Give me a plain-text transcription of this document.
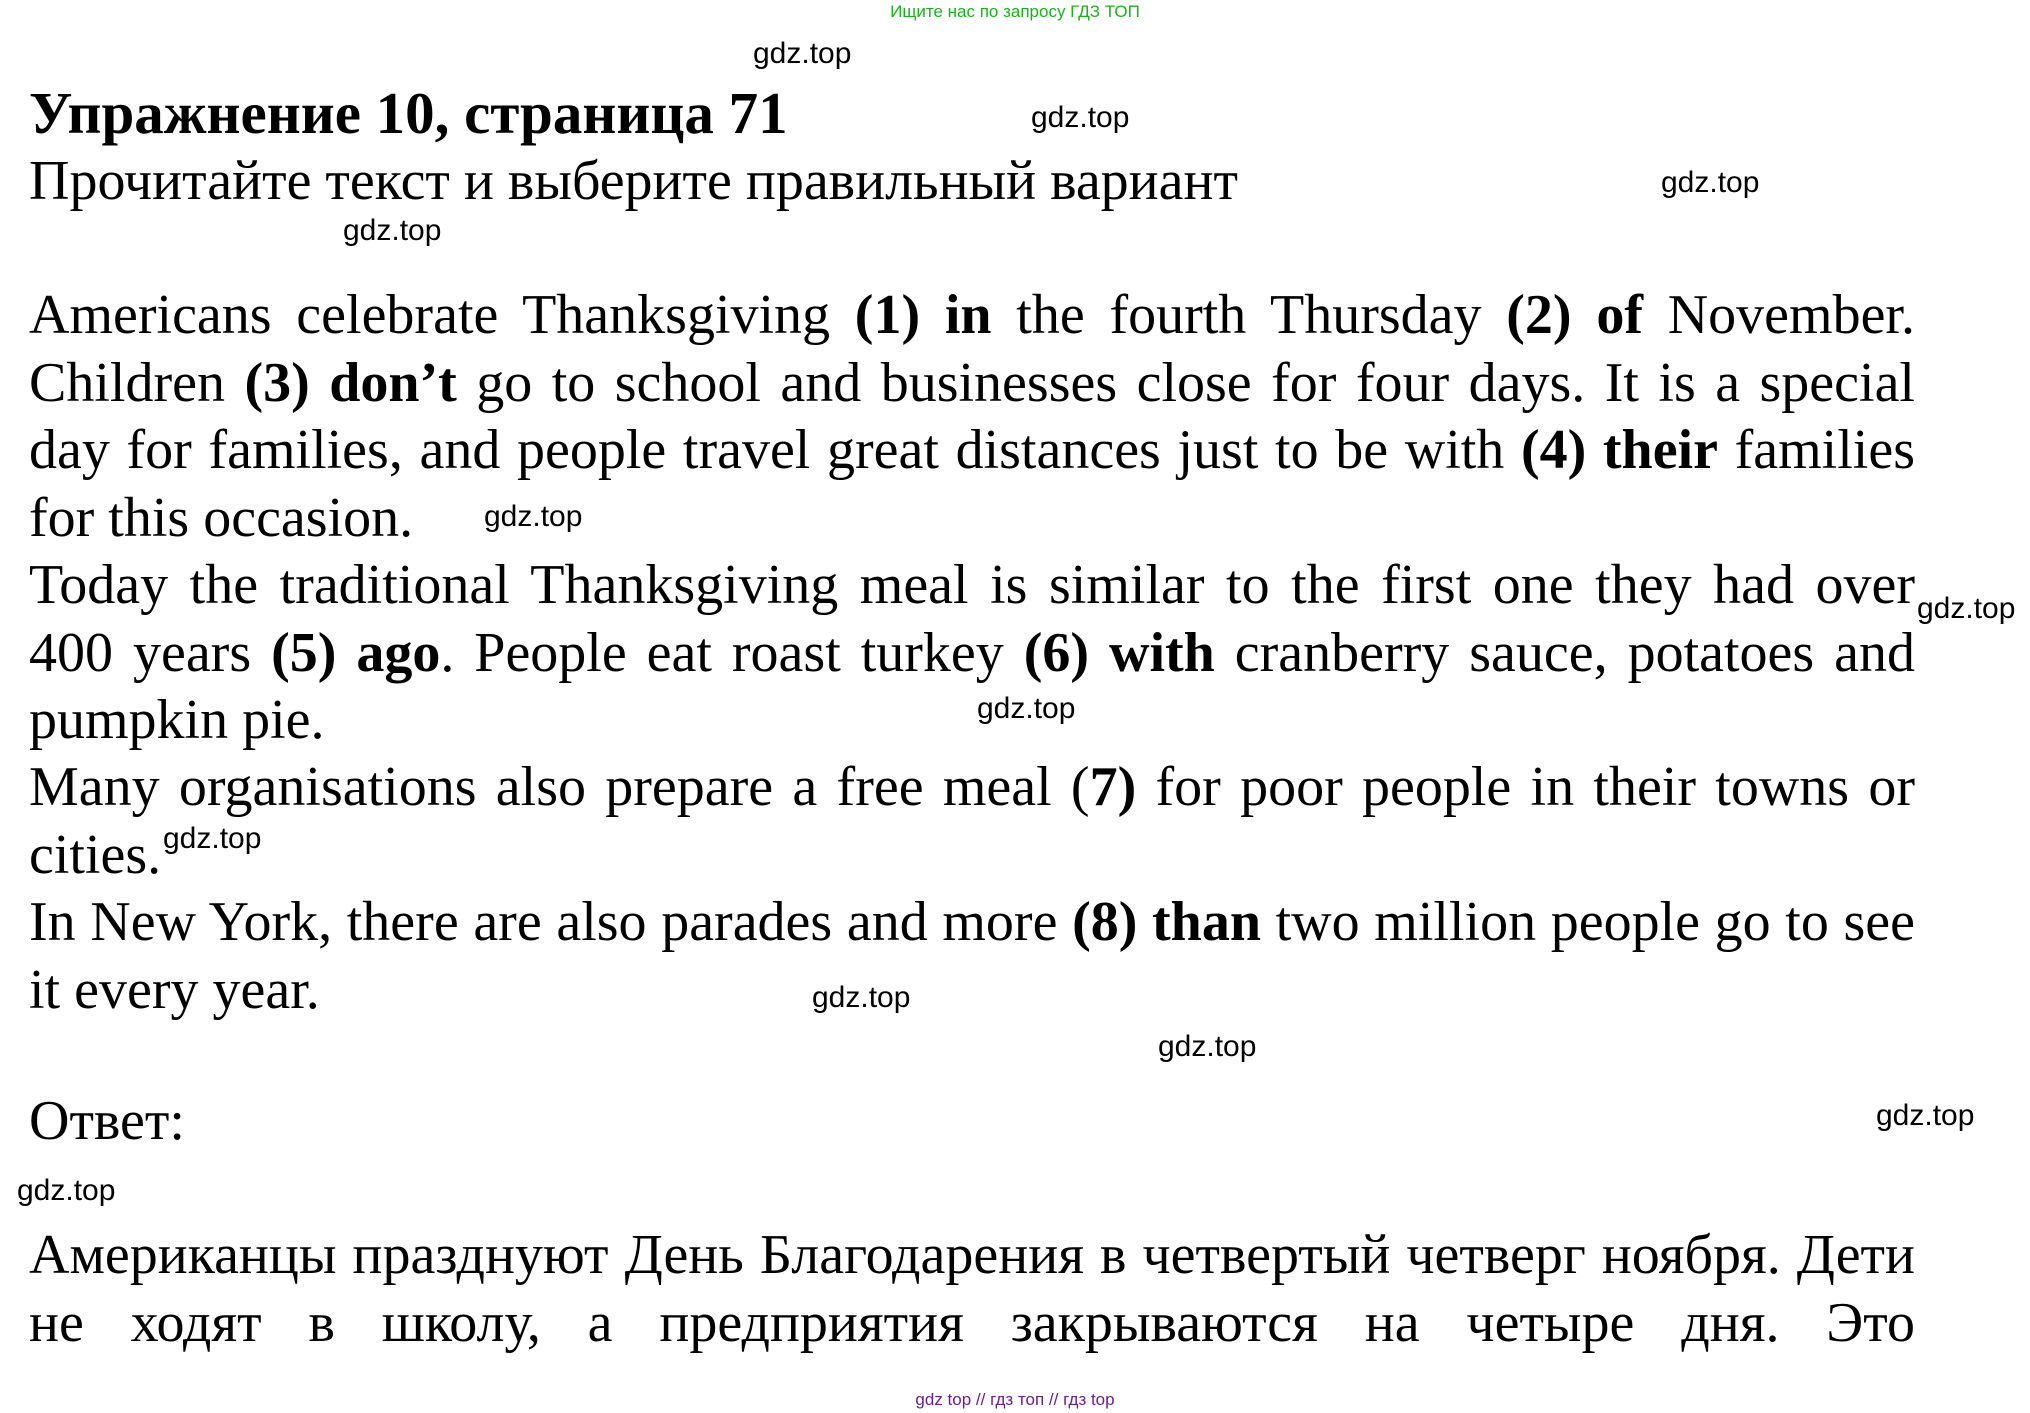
Ищите нас по запросу ГДЗ ТОП
Упражнение 10, страница 71

Прочитайте текст и выберите правильный вариант

Americans celebrate Thanksgiving (1) in the fourth Thursday (2) of November. Children (3) don’t go to school and businesses close for four days. It is a special day for families, and people travel great distances just to be with (4) their families for this occasion.

Today the traditional Thanksgiving meal is similar to the first one they had over 400 years (5) ago. People eat roast turkey (6) with cranberry sauce, potatoes and pumpkin pie.

Many organisations also prepare a free meal (7) for poor people in their towns or cities.

In New York, there are also parades and more (8) than two million people go to see it every year.

Ответ:

Американцы празднуют День Благодарения в четвертый четверг ноября. Дети не ходят в школу, а предприятия закрываются на четыре дня. Это

gdz.top
gdz.top
gdz.top
gdz.top
gdz.top
gdz.top
gdz.top
gdz.top
gdz.top
gdz.top
gdz.top
gdz.top
gdz top // гдз топ // гдз top
